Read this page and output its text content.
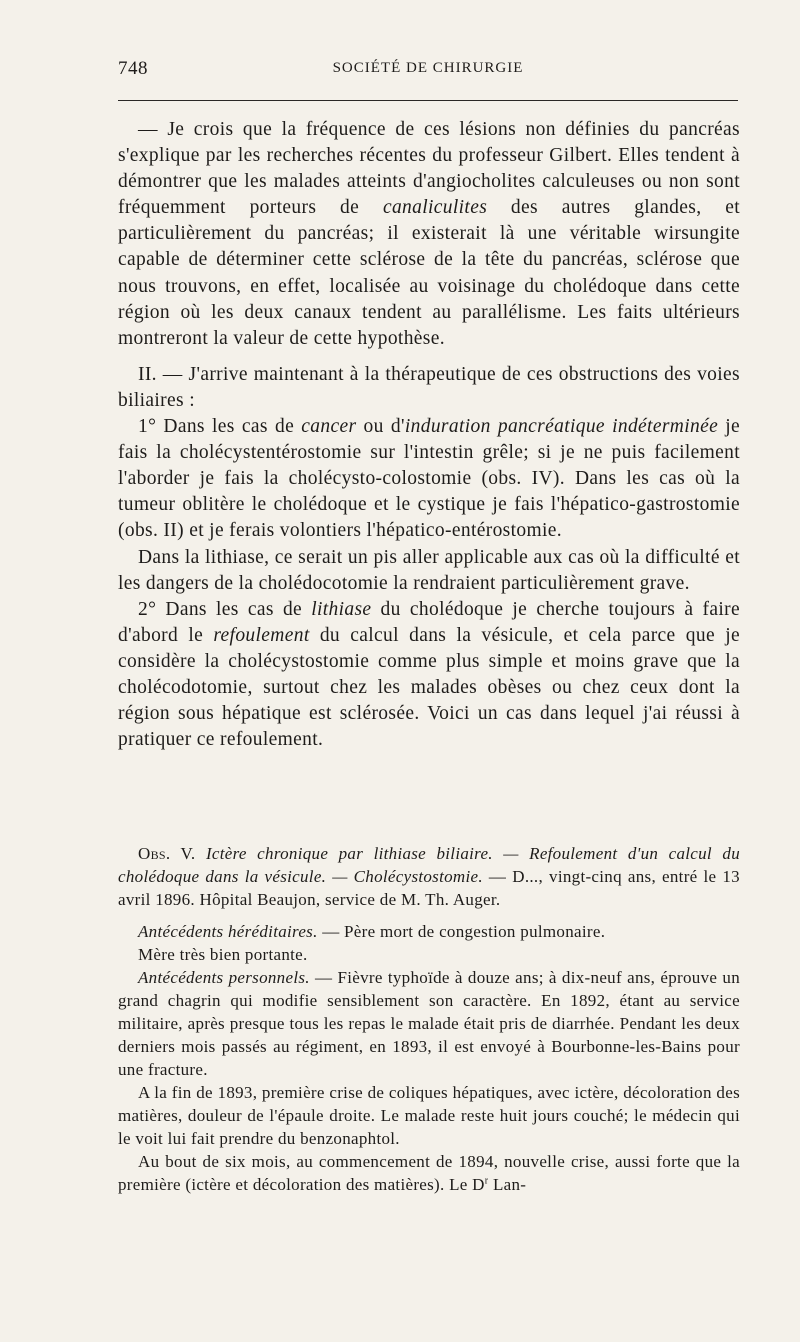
748	SOCIÉTÉ DE CHIRURGIE

— Je crois que la fréquence de ces lésions non définies du pancréas s'explique par les recherches récentes du professeur Gilbert. Elles tendent à démontrer que les malades atteints d'angiocholites calculeuses ou non sont fréquemment porteurs de canaliculites des autres glandes, et particulièrement du pancréas; il existerait là une véritable wirsungite capable de déterminer cette sclérose de la tête du pancréas, sclérose que nous trouvons, en effet, localisée au voisinage du cholédoque dans cette région où les deux canaux tendent au parallélisme. Les faits ultérieurs montreront la valeur de cette hypothèse.

II. — J'arrive maintenant à la thérapeutique de ces obstructions des voies biliaires :

1° Dans les cas de cancer ou d'induration pancréatique indéterminée je fais la cholécystentérostomie sur l'intestin grêle; si je ne puis facilement l'aborder je fais la cholécysto-colostomie (obs. IV). Dans les cas où la tumeur oblitère le cholédoque et le cystique je fais l'hépatico-gastrostomie (obs. II) et je ferais volontiers l'hépatico-entérostomie.

Dans la lithiase, ce serait un pis aller applicable aux cas où la difficulté et les dangers de la cholédocotomie la rendraient particulièrement grave.

2° Dans les cas de lithiase du cholédoque je cherche toujours à faire d'abord le refoulement du calcul dans la vésicule, et cela parce que je considère la cholécystostomie comme plus simple et moins grave que la cholécodotomie, surtout chez les malades obèses ou chez ceux dont la région sous hépatique est sclérosée. Voici un cas dans lequel j'ai réussi à pratiquer ce refoulement.

Obs. V. Ictère chronique par lithiase biliaire. — Refoulement d'un calcul du cholédoque dans la vésicule. — Cholécystostomie. — D..., vingt-cinq ans, entré le 13 avril 1896. Hôpital Beaujon, service de M. Th. Auger.

Antécédents héréditaires. — Père mort de congestion pulmonaire.

Mère très bien portante.

Antécédents personnels. — Fièvre typhoïde à douze ans; à dix-neuf ans, éprouve un grand chagrin qui modifie sensiblement son caractère. En 1892, étant au service militaire, après presque tous les repas le malade était pris de diarrhée. Pendant les deux derniers mois passés au régiment, en 1893, il est envoyé à Bourbonne-les-Bains pour une fracture.

A la fin de 1893, première crise de coliques hépatiques, avec ictère, décoloration des matières, douleur de l'épaule droite. Le malade reste huit jours couché; le médecin qui le voit lui fait prendre du benzonaphtol.

Au bout de six mois, au commencement de 1894, nouvelle crise, aussi forte que la première (ictère et décoloration des matières). Le $D^r$ Lan-
